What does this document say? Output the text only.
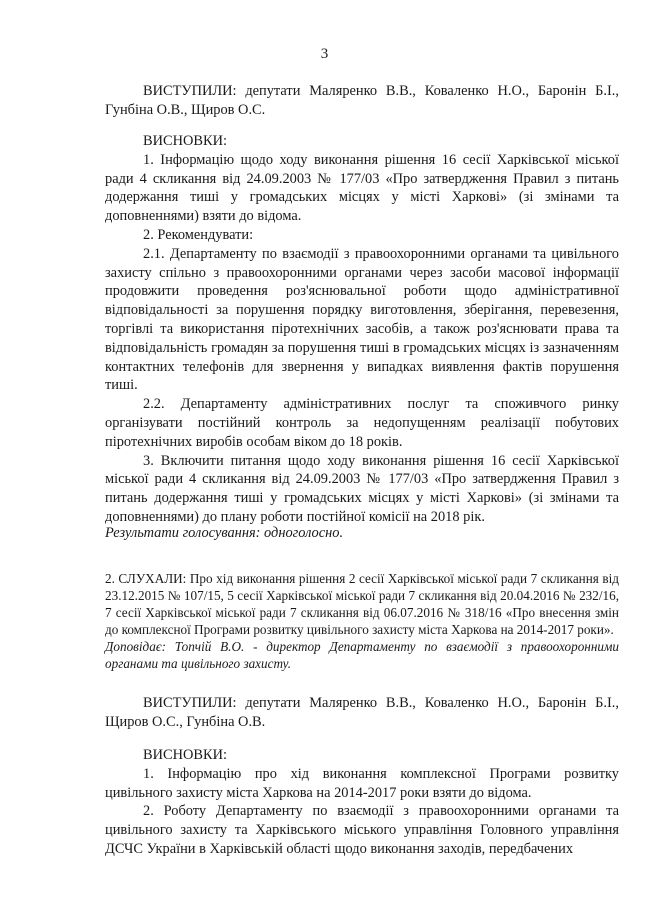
3

ВИСТУПИЛИ: депутати Маляренко В.В., Коваленко Н.О., Баронін Б.І., Гунбіна О.В., Щиров О.С.

ВИСНОВКИ:

1. Інформацію щодо ходу виконання рішення 16 сесії Харківської міської ради 4 скликання від 24.09.2003 № 177/03 «Про затвердження Правил з питань додержання тиші у громадських місцях у місті Харкові» (зі змінами та доповненнями) взяти до відома.

2. Рекомендувати:

2.1. Департаменту по взаємодії з правоохоронними органами та цивільного захисту спільно з правоохоронними органами через засоби масової інформації продовжити проведення роз'яснювальної роботи щодо адміністративної відповідальності за порушення порядку виготовлення, зберігання, перевезення, торгівлі та використання піротехнічних засобів, а також роз'яснювати права та відповідальність громадян за порушення тиші в громадських місцях із зазначенням контактних телефонів для звернення у випадках виявлення фактів порушення тиші.

2.2. Департаменту адміністративних послуг та споживчого ринку організувати постійний контроль за недопущенням реалізації побутових піротехнічних виробів особам віком до 18 років.

3. Включити питання щодо ходу виконання рішення 16 сесії Харківської міської ради 4 скликання від 24.09.2003 № 177/03 «Про затвердження Правил з питань додержання тиші у громадських місцях у місті Харкові» (зі змінами та доповненнями) до плану роботи постійної комісії на 2018 рік.

Результати голосування: одноголосно.

2. СЛУХАЛИ: Про хід виконання рішення 2 сесії Харківської міської ради 7 скликання від 23.12.2015 № 107/15, 5 сесії Харківської міської ради 7 скликання від 20.04.2016 № 232/16, 7 сесії Харківської міської ради 7 скликання від 06.07.2016 № 318/16 «Про внесення змін до комплексної Програми розвитку цивільного захисту міста Харкова на 2014-2017 роки».

Доповідає: Топчій В.О. - директор Департаменту по взаємодії з правоохоронними органами та цивільного захисту.

ВИСТУПИЛИ: депутати Маляренко В.В., Коваленко Н.О., Баронін Б.І., Щиров О.С., Гунбіна О.В.

ВИСНОВКИ:

1. Інформацію про хід виконання комплексної Програми розвитку цивільного захисту міста Харкова на 2014-2017 роки взяти до відома.

2. Роботу Департаменту по взаємодії з правоохоронними органами та цивільного захисту та Харківського міського управління Головного управління ДСЧС України в Харківській області щодо виконання заходів, передбачених
